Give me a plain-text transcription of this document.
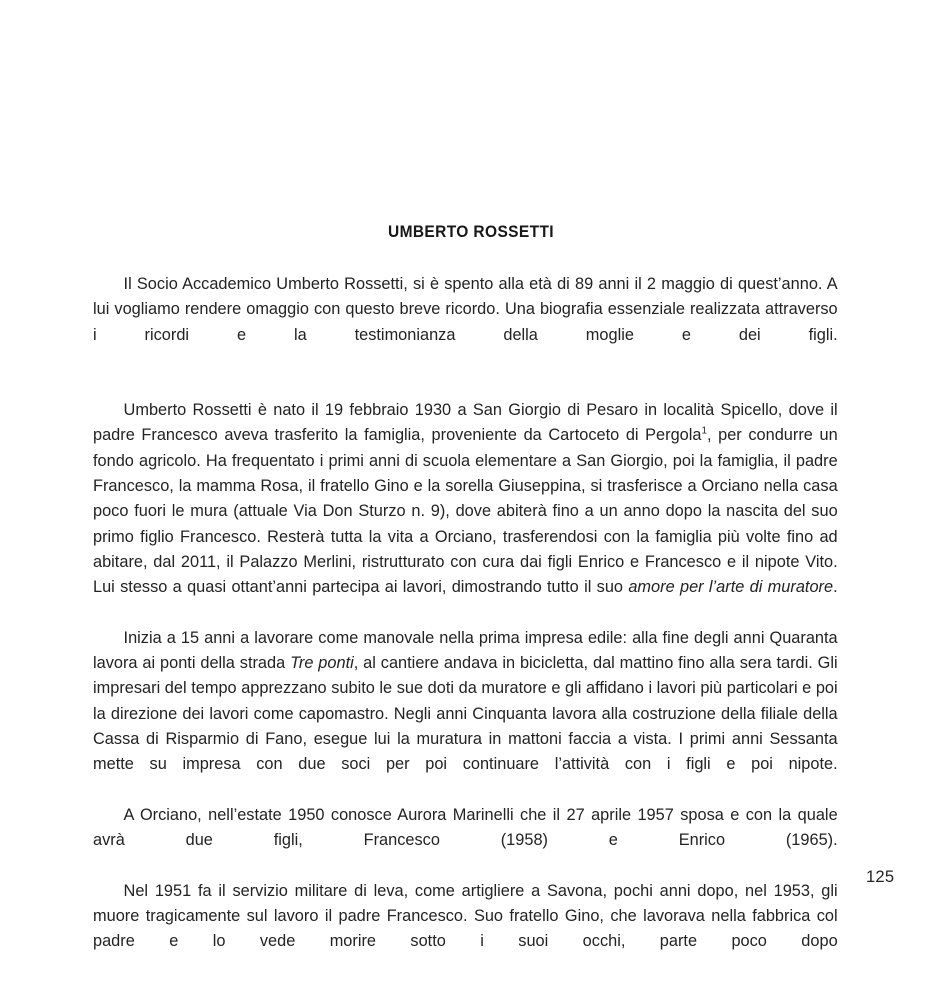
UMBERTO ROSSETTI

Il Socio Accademico Umberto Rossetti, si è spento alla età di 89 anni il 2 maggio di quest’anno. A lui vogliamo rendere omaggio con questo breve ricordo. Una biografia essenziale realizzata attraverso i ricordi e la testimonianza della moglie e dei figli.

Umberto Rossetti è nato il 19 febbraio 1930 a San Giorgio di Pesaro in località Spicello, dove il padre Francesco aveva trasferito la famiglia, proveniente da Cartoceto di Pergola$^1$, per condurre un fondo agricolo. Ha frequentato i primi anni di scuola elementare a San Giorgio, poi la famiglia, il padre Francesco, la mamma Rosa, il fratello Gino e la sorella Giuseppina, si trasferisce a Orciano nella casa poco fuori le mura (attuale Via Don Sturzo n. 9), dove abiterà fino a un anno dopo la nascita del suo primo figlio Francesco. Resterà tutta la vita a Orciano, trasferendosi con la famiglia più volte fino ad abitare, dal 2011, il Palazzo Merlini, ristrutturato con cura dai figli Enrico e Francesco e il nipote Vito. Lui stesso a quasi ottant’anni partecipa ai lavori, dimostrando tutto il suo amore per l’arte di muratore.

Inizia a 15 anni a lavorare come manovale nella prima impresa edile: alla fine degli anni Quaranta lavora ai ponti della strada Tre ponti, al cantiere andava in bicicletta, dal mattino fino alla sera tardi. Gli impresari del tempo apprezzano subito le sue doti da muratore e gli affidano i lavori più particolari e poi la direzione dei lavori come capomastro. Negli anni Cinquanta lavora alla costruzione della filiale della Cassa di Risparmio di Fano, esegue lui la muratura in mattoni faccia a vista. I primi anni Sessanta mette su impresa con due soci per poi continuare l’attività con i figli e poi nipote.

A Orciano, nell’estate 1950 conosce Aurora Marinelli che il 27 aprile 1957 sposa e con la quale avrà due figli, Francesco (1958) e Enrico (1965).

Nel 1951 fa il servizio militare di leva, come artigliere a Savona, pochi anni dopo, nel 1953, gli muore tragicamente sul lavoro il padre Francesco. Suo fratello Gino, che lavorava nella fabbrica col padre e lo vede morire sotto i suoi occhi, parte poco dopo

125
